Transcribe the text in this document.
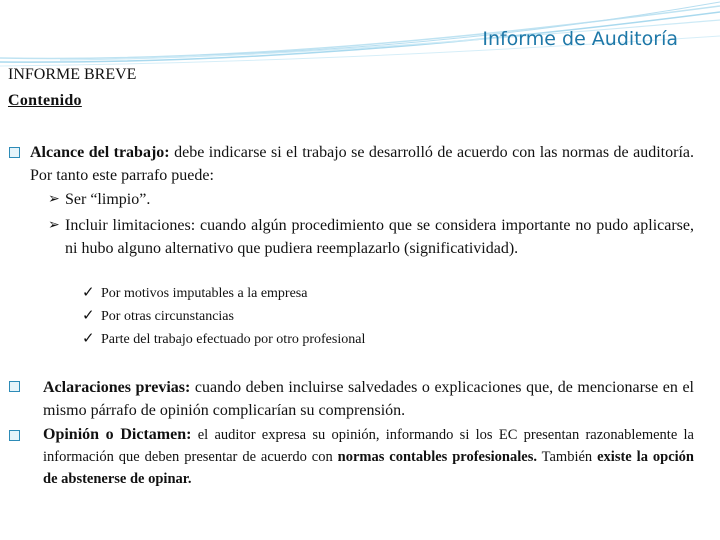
Informe de Auditoría
INFORME BREVE
Contenido
Alcance del trabajo: debe indicarse si el trabajo se desarrolló de acuerdo con las normas de auditoría. Por tanto este parrafo puede:
➢ Ser “limpio”.
➢ Incluir limitaciones: cuando algún procedimiento que se considera importante no pudo aplicarse, ni hubo alguno alternativo que pudiera reemplazarlo (significatividad).
✓ Por motivos imputables a la empresa
✓ Por otras circunstancias
✓ Parte del trabajo efectuado por otro profesional
Aclaraciones previas: cuando deben incluirse salvedades o explicaciones que, de mencionarse en el mismo párrafo de opinión complicarían su comprensión.
Opinión o Dictamen: el auditor expresa su opinión, informando si los EC presentan razonablemente la información que deben presentar de acuerdo con normas contables profesionales. También existe la opción de abstenerse de opinar.
